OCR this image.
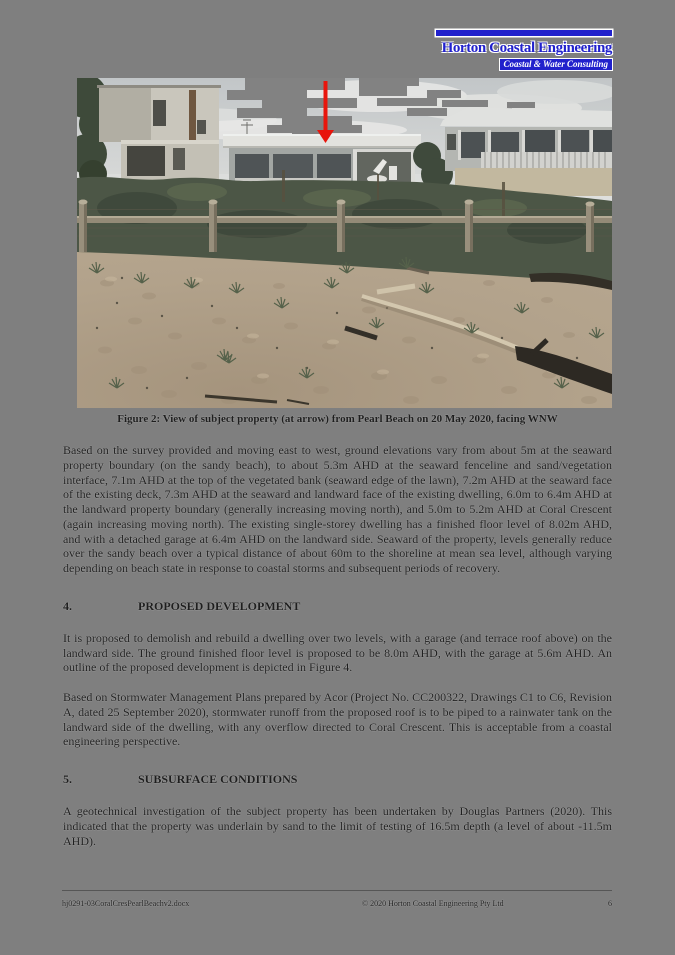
Horton Coastal Engineering
Coastal & Water Consulting

Figure 2: View of subject property (at arrow) from Pearl Beach on 20 May 2020, facing WNW

Based on the survey provided and moving east to west, ground elevations vary from about 5m at the seaward property boundary (on the sandy beach), to about 5.3m AHD at the seaward fenceline and sand/vegetation interface, 7.1m AHD at the top of the vegetated bank (seaward edge of the lawn), 7.2m AHD at the seaward face of the existing deck, 7.3m AHD at the seaward and landward face of the existing dwelling, 6.0m to 6.4m AHD at the landward property boundary (generally increasing moving north), and 5.0m to 5.2m AHD at Coral Crescent (again increasing moving north). The existing single-storey dwelling has a finished floor level of 8.02m AHD, and with a detached garage at 6.4m AHD on the landward side. Seaward of the property, levels generally reduce over the sandy beach over a typical distance of about 60m to the shoreline at mean sea level, although varying depending on beach state in response to coastal storms and subsequent periods of recovery.

4.	PROPOSED DEVELOPMENT

It is proposed to demolish and rebuild a dwelling over two levels, with a garage (and terrace roof above) on the landward side. The ground finished floor level is proposed to be 8.0m AHD, with the garage at 5.6m AHD. An outline of the proposed development is depicted in Figure 4.

Based on Stormwater Management Plans prepared by Acor (Project No. CC200322, Drawings C1 to C6, Revision A, dated 25 September 2020), stormwater runoff from the proposed roof is to be piped to a rainwater tank on the landward side of the dwelling, with any overflow directed to Coral Crescent. This is acceptable from a coastal engineering perspective.

5.	SUBSURFACE CONDITIONS

A geotechnical investigation of the subject property has been undertaken by Douglas Partners (2020). This indicated that the property was underlain by sand to the limit of testing of 16.5m depth (a level of about -11.5m AHD).

hj0291-03CoralCresPearlBeachv2.docx	© 2020 Horton Coastal Engineering Pty Ltd	6
